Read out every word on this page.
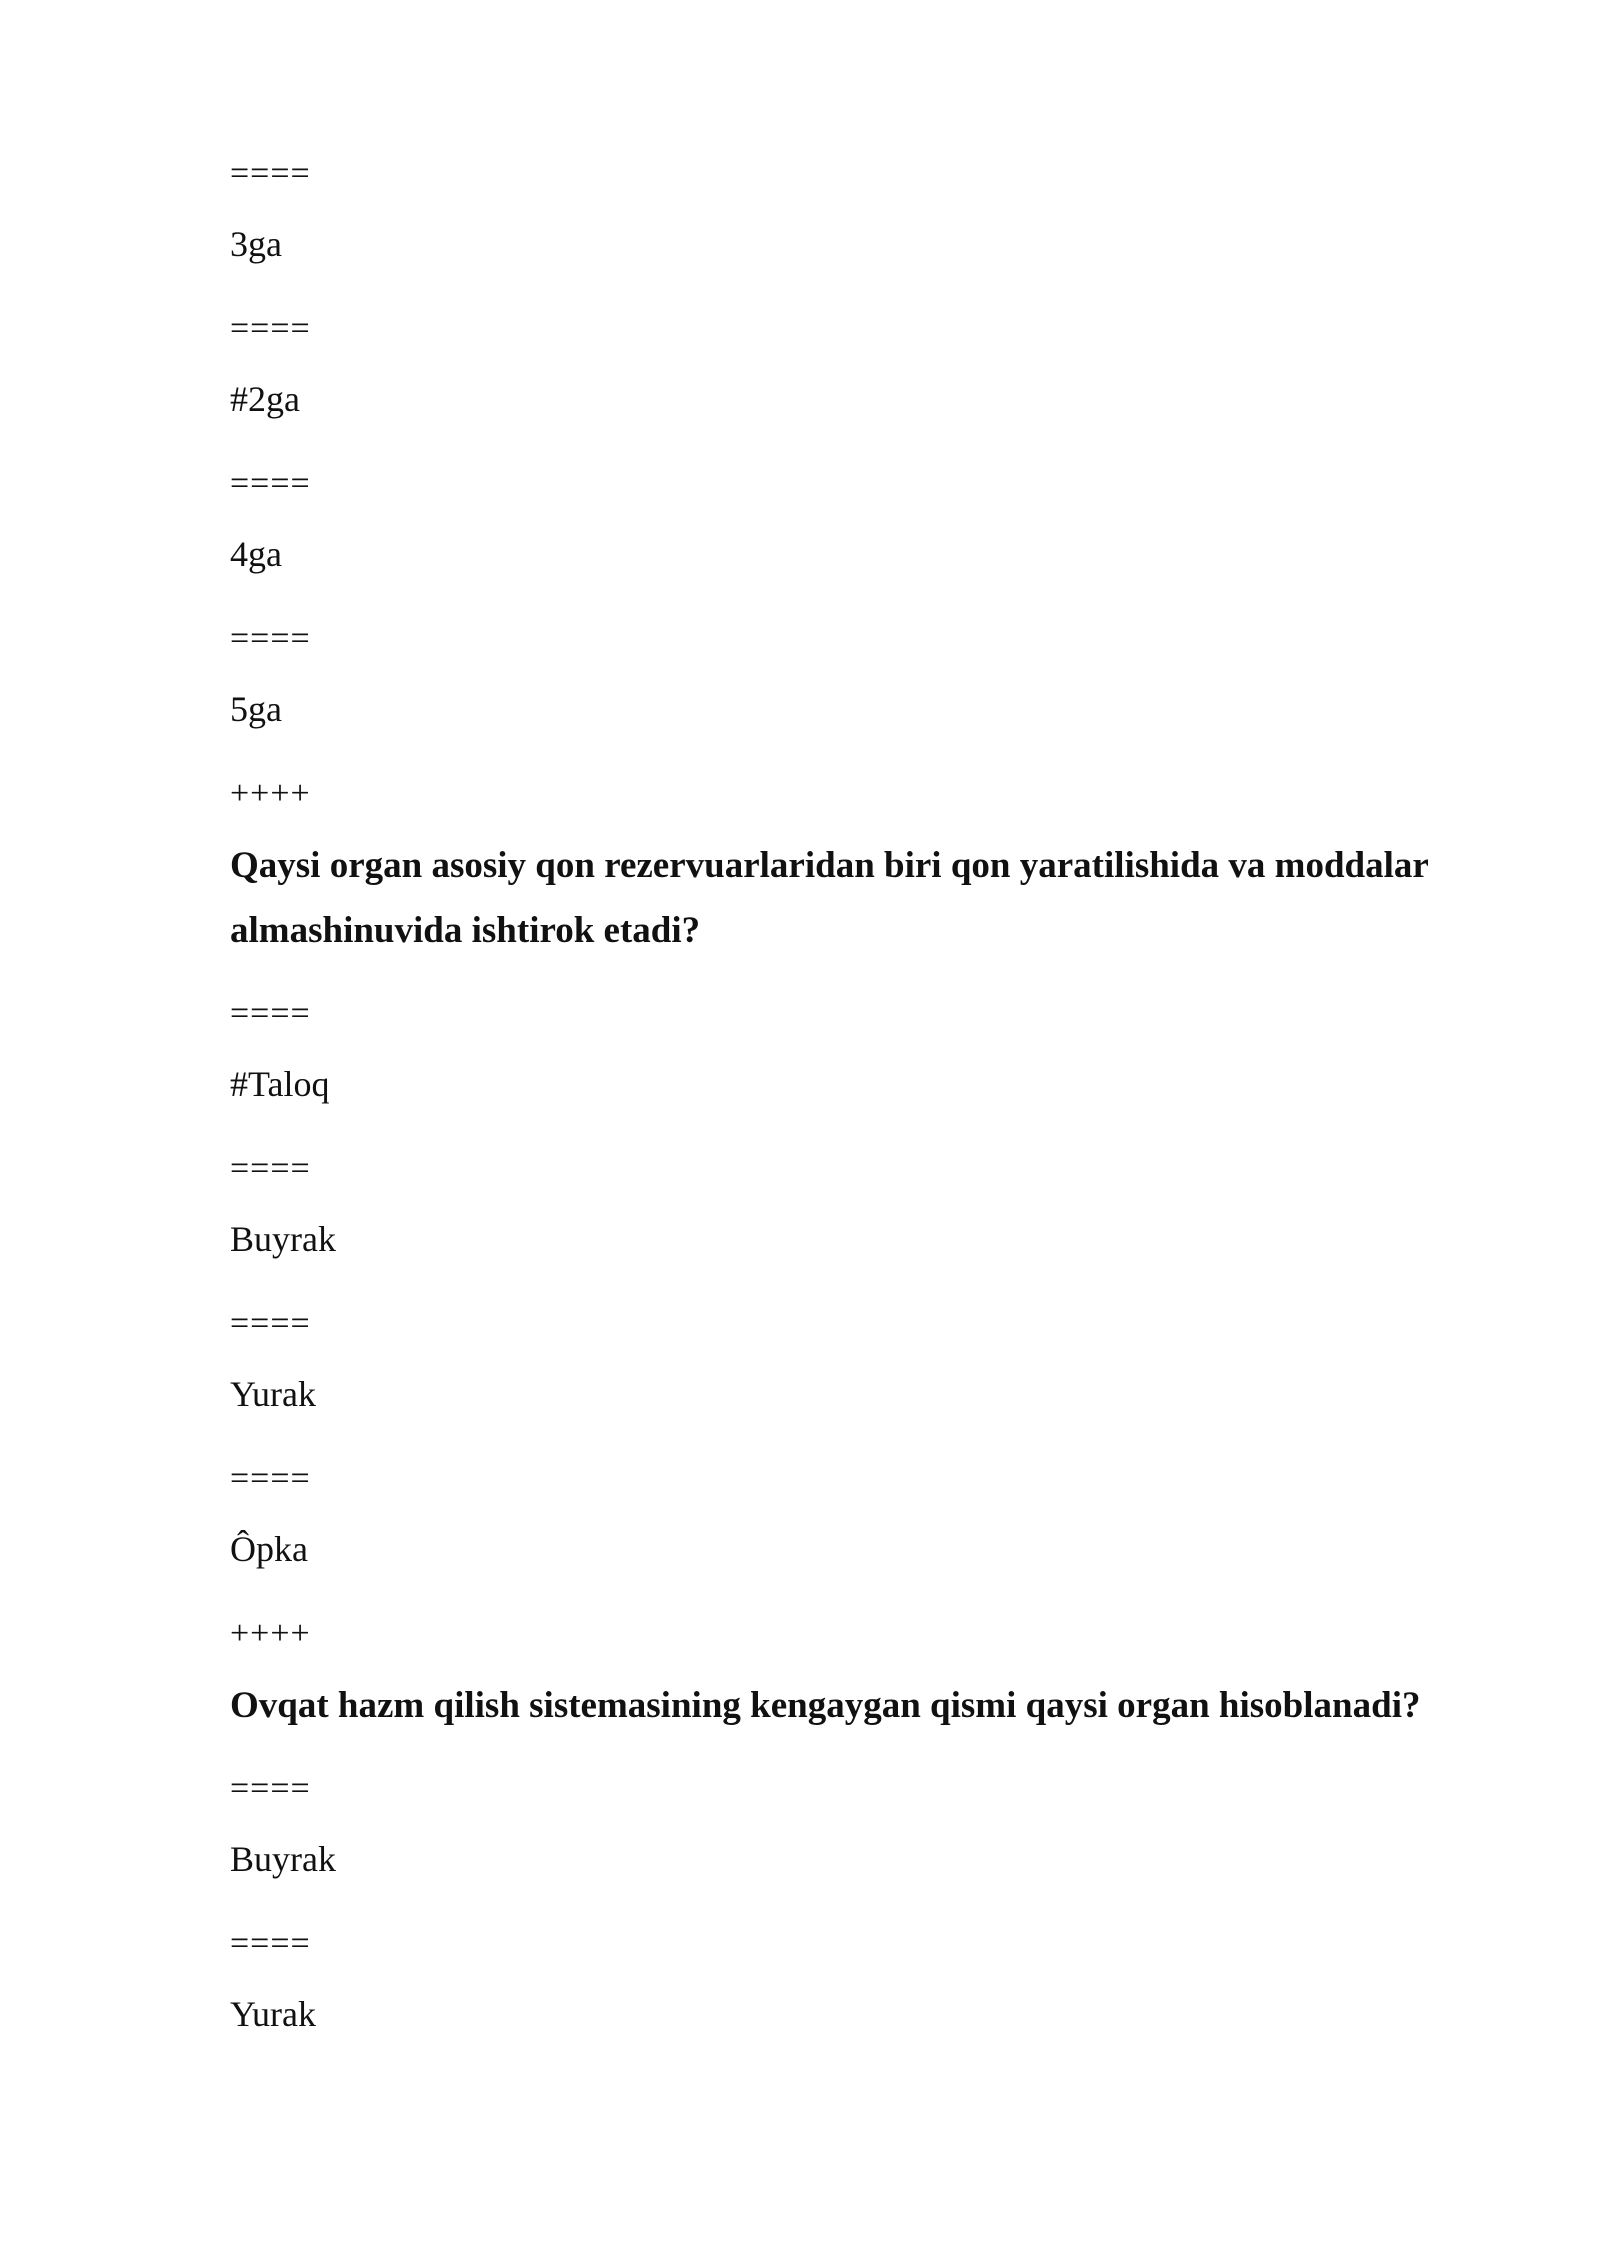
====

3ga

====

#2ga

====

4ga

====

5ga

++++

Qaysi organ asosiy qon rezervuarlaridan biri qon yaratilishida va moddalar almashinuvida ishtirok etadi?

====

#Taloq

====

Buyrak

====

Yurak

====

Ôpka

++++

Ovqat hazm qilish sistemasining kengaygan qismi qaysi organ hisoblanadi?

====

Buyrak

====

Yurak
